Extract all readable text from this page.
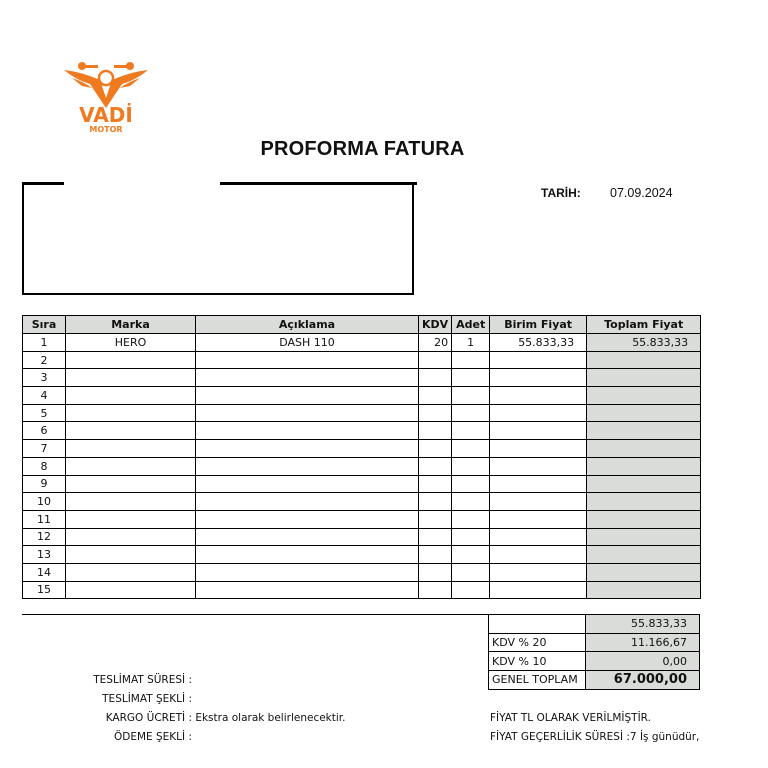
VADİ
MOTOR
PROFORMA FATURA
TARİH: 07.09.2024
Sıra	Marka	Açıklama	KDV	Adet	Birim Fiyat	Toplam Fiyat
1	HERO	DASH 110	20	1	55.833,33	55.833,33
2						
3						
4						
5						
6						
7						
8						
9						
10						
11						
12						
13						
14						
15						
	55.833,33
KDV % 20	11.166,67
KDV % 10	0,00
GENEL TOPLAM	67.000,00
TESLİMAT SÜRESİ :
TESLİMAT ŞEKLİ :
KARGO ÜCRETİ : Ekstra olarak belirlenecektir.
ÖDEME ŞEKLİ :
FİYAT TL OLARAK VERİLMİŞTİR.
FİYAT GEÇERLİLİK SÜRESİ :7 İş günüdür,
